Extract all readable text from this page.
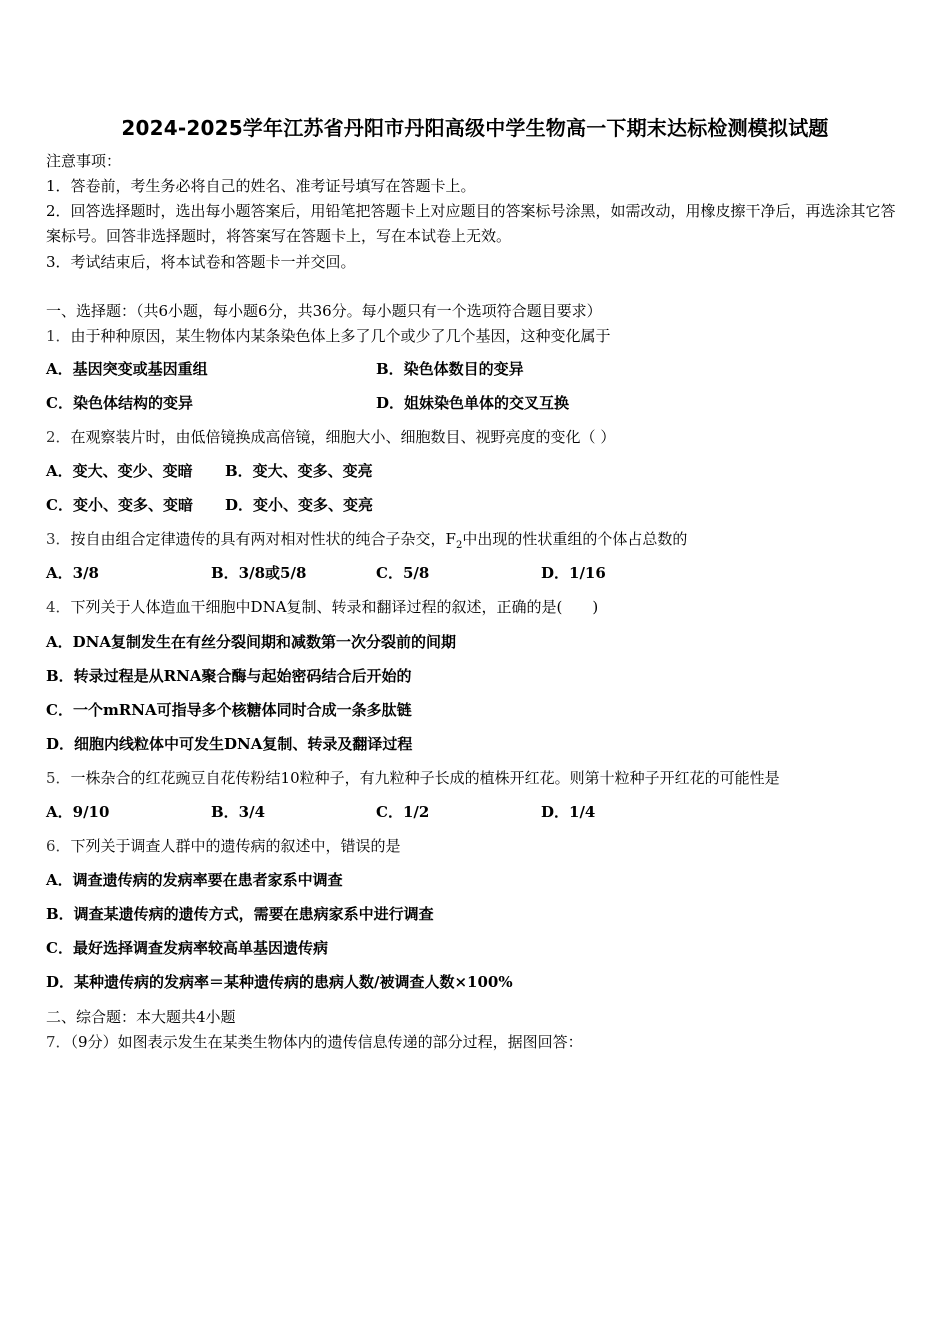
2024-2025学年江苏省丹阳市丹阳高级中学生物高一下期末达标检测模拟试题
注意事项：
1．答卷前，考生务必将自己的姓名、准考证号填写在答题卡上。
2．回答选择题时，选出每小题答案后，用铅笔把答题卡上对应题目的答案标号涂黑，如需改动，用橡皮擦干净后，再选涂其它答案标号。回答非选择题时，将答案写在答题卡上，写在本试卷上无效。
3．考试结束后，将本试卷和答题卡一并交回。
一、选择题：（共6小题，每小题6分，共36分。每小题只有一个选项符合题目要求）
1．由于种种原因，某生物体内某条染色体上多了几个或少了几个基因，这种变化属于
A．基因突变或基因重组	B．染色体数目的变异
C．染色体结构的变异	D．姐妹染色单体的交叉互换
2．在观察装片时，由低倍镜换成高倍镜，细胞大小、细胞数目、视野亮度的变化（ ）
A．变大、变少、变暗 B．变大、变多、变亮
C．变小、变多、变暗 D．变小、变多、变亮
3．按自由组合定律遗传的具有两对相对性状的纯合子杂交，$F_2$中出现的性状重组的个体占总数的
A．3/8	B．3/8或5/8	C．5/8	D．1/16
4．下列关于人体造血干细胞中DNA复制、转录和翻译过程的叙述，正确的是(　　)
A．DNA复制发生在有丝分裂间期和减数第一次分裂前的间期
B．转录过程是从RNA聚合酶与起始密码结合后开始的
C．一个mRNA可指导多个核糖体同时合成一条多肽链
D．细胞内线粒体中可发生DNA复制、转录及翻译过程
5．一株杂合的红花豌豆自花传粉结10粒种子，有九粒种子长成的植株开红花。则第十粒种子开红花的可能性是
A．9/10	B．3/4	C．1/2	D．1/4
6．下列关于调查人群中的遗传病的叙述中，错误的是
A．调查遗传病的发病率要在患者家系中调查
B．调查某遗传病的遗传方式，需要在患病家系中进行调查
C．最好选择调查发病率较高单基因遗传病
D．某种遗传病的发病率＝某种遗传病的患病人数/被调查人数×100%
二、综合题：本大题共4小题
7．（9分）如图表示发生在某类生物体内的遗传信息传递的部分过程，据图回答：
